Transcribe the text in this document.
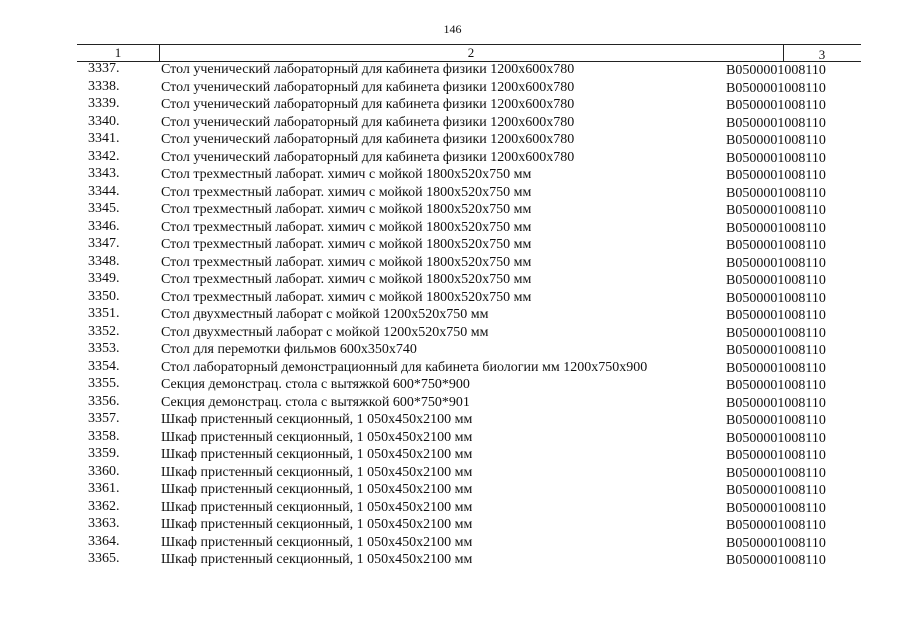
146
1	2	3
3337.	Стол ученический лабораторный для кабинета физики 1200х600х780	B0500001008110
3338.	Стол ученический лабораторный для кабинета физики 1200х600х780	B0500001008110
3339.	Стол ученический лабораторный для кабинета физики 1200х600х780	B0500001008110
3340.	Стол ученический лабораторный для кабинета физики 1200х600х780	B0500001008110
3341.	Стол ученический лабораторный для кабинета физики 1200х600х780	B0500001008110
3342.	Стол ученический лабораторный для кабинета физики 1200х600х780	B0500001008110
3343.	Стол трехместный лаборат. химич с мойкой 1800х520х750 мм	B0500001008110
3344.	Стол трехместный лаборат. химич с мойкой 1800х520х750 мм	B0500001008110
3345.	Стол трехместный лаборат. химич с мойкой 1800х520х750 мм	B0500001008110
3346.	Стол трехместный лаборат. химич с мойкой 1800х520х750 мм	B0500001008110
3347.	Стол трехместный лаборат. химич с мойкой 1800х520х750 мм	B0500001008110
3348.	Стол трехместный лаборат. химич с мойкой 1800х520х750 мм	B0500001008110
3349.	Стол трехместный лаборат. химич с мойкой 1800х520х750 мм	B0500001008110
3350.	Стол трехместный лаборат. химич с мойкой 1800х520х750 мм	B0500001008110
3351.	Стол двухместный лаборат с мойкой 1200х520х750 мм	B0500001008110
3352.	Стол двухместный лаборат с мойкой 1200х520х750 мм	B0500001008110
3353.	Стол для перемотки фильмов 600х350х740	B0500001008110
3354.	Стол лабораторный демонстрационный для кабинета биологии мм 1200х750х900	B0500001008110
3355.	Секция демонстрац. стола с вытяжкой 600*750*900	B0500001008110
3356.	Секция демонстрац. стола с вытяжкой 600*750*901	B0500001008110
3357.	Шкаф пристенный секционный, 1 050х450х2100 мм	B0500001008110
3358.	Шкаф пристенный секционный, 1 050х450х2100 мм	B0500001008110
3359.	Шкаф пристенный секционный, 1 050х450х2100 мм	B0500001008110
3360.	Шкаф пристенный секционный, 1 050х450х2100 мм	B0500001008110
3361.	Шкаф пристенный секционный, 1 050х450х2100 мм	B0500001008110
3362.	Шкаф пристенный секционный, 1 050х450х2100 мм	B0500001008110
3363.	Шкаф пристенный секционный, 1 050х450х2100 мм	B0500001008110
3364.	Шкаф пристенный секционный, 1 050х450х2100 мм	B0500001008110
3365.	Шкаф пристенный секционный, 1 050х450х2100 мм	B0500001008110
